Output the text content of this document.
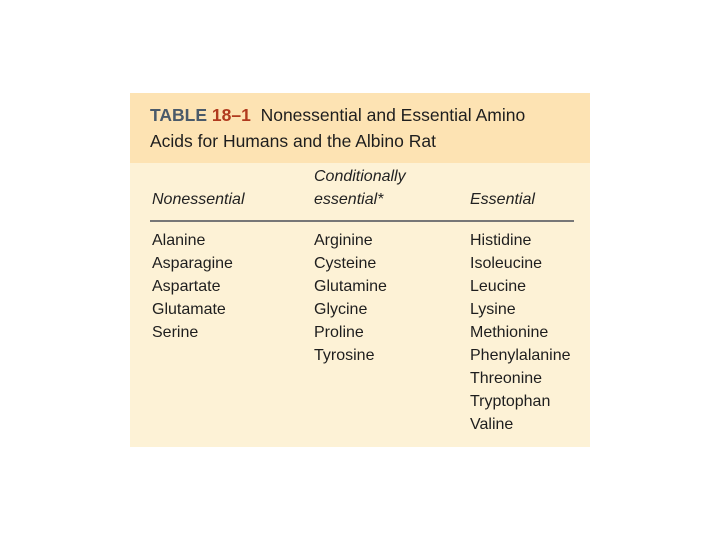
TABLE 18–1 Nonessential and Essential Amino
Acids for Humans and the Albino Rat
Nonessential
Conditionally
essential*	Essential
Alanine
Asparagine
Aspartate
Glutamate
Serine
Arginine
Cysteine
Glutamine
Glycine
Proline
Tyrosine
Histidine
Isoleucine
Leucine
Lysine
Methionine
Phenylalanine
Threonine
Tryptophan
Valine
